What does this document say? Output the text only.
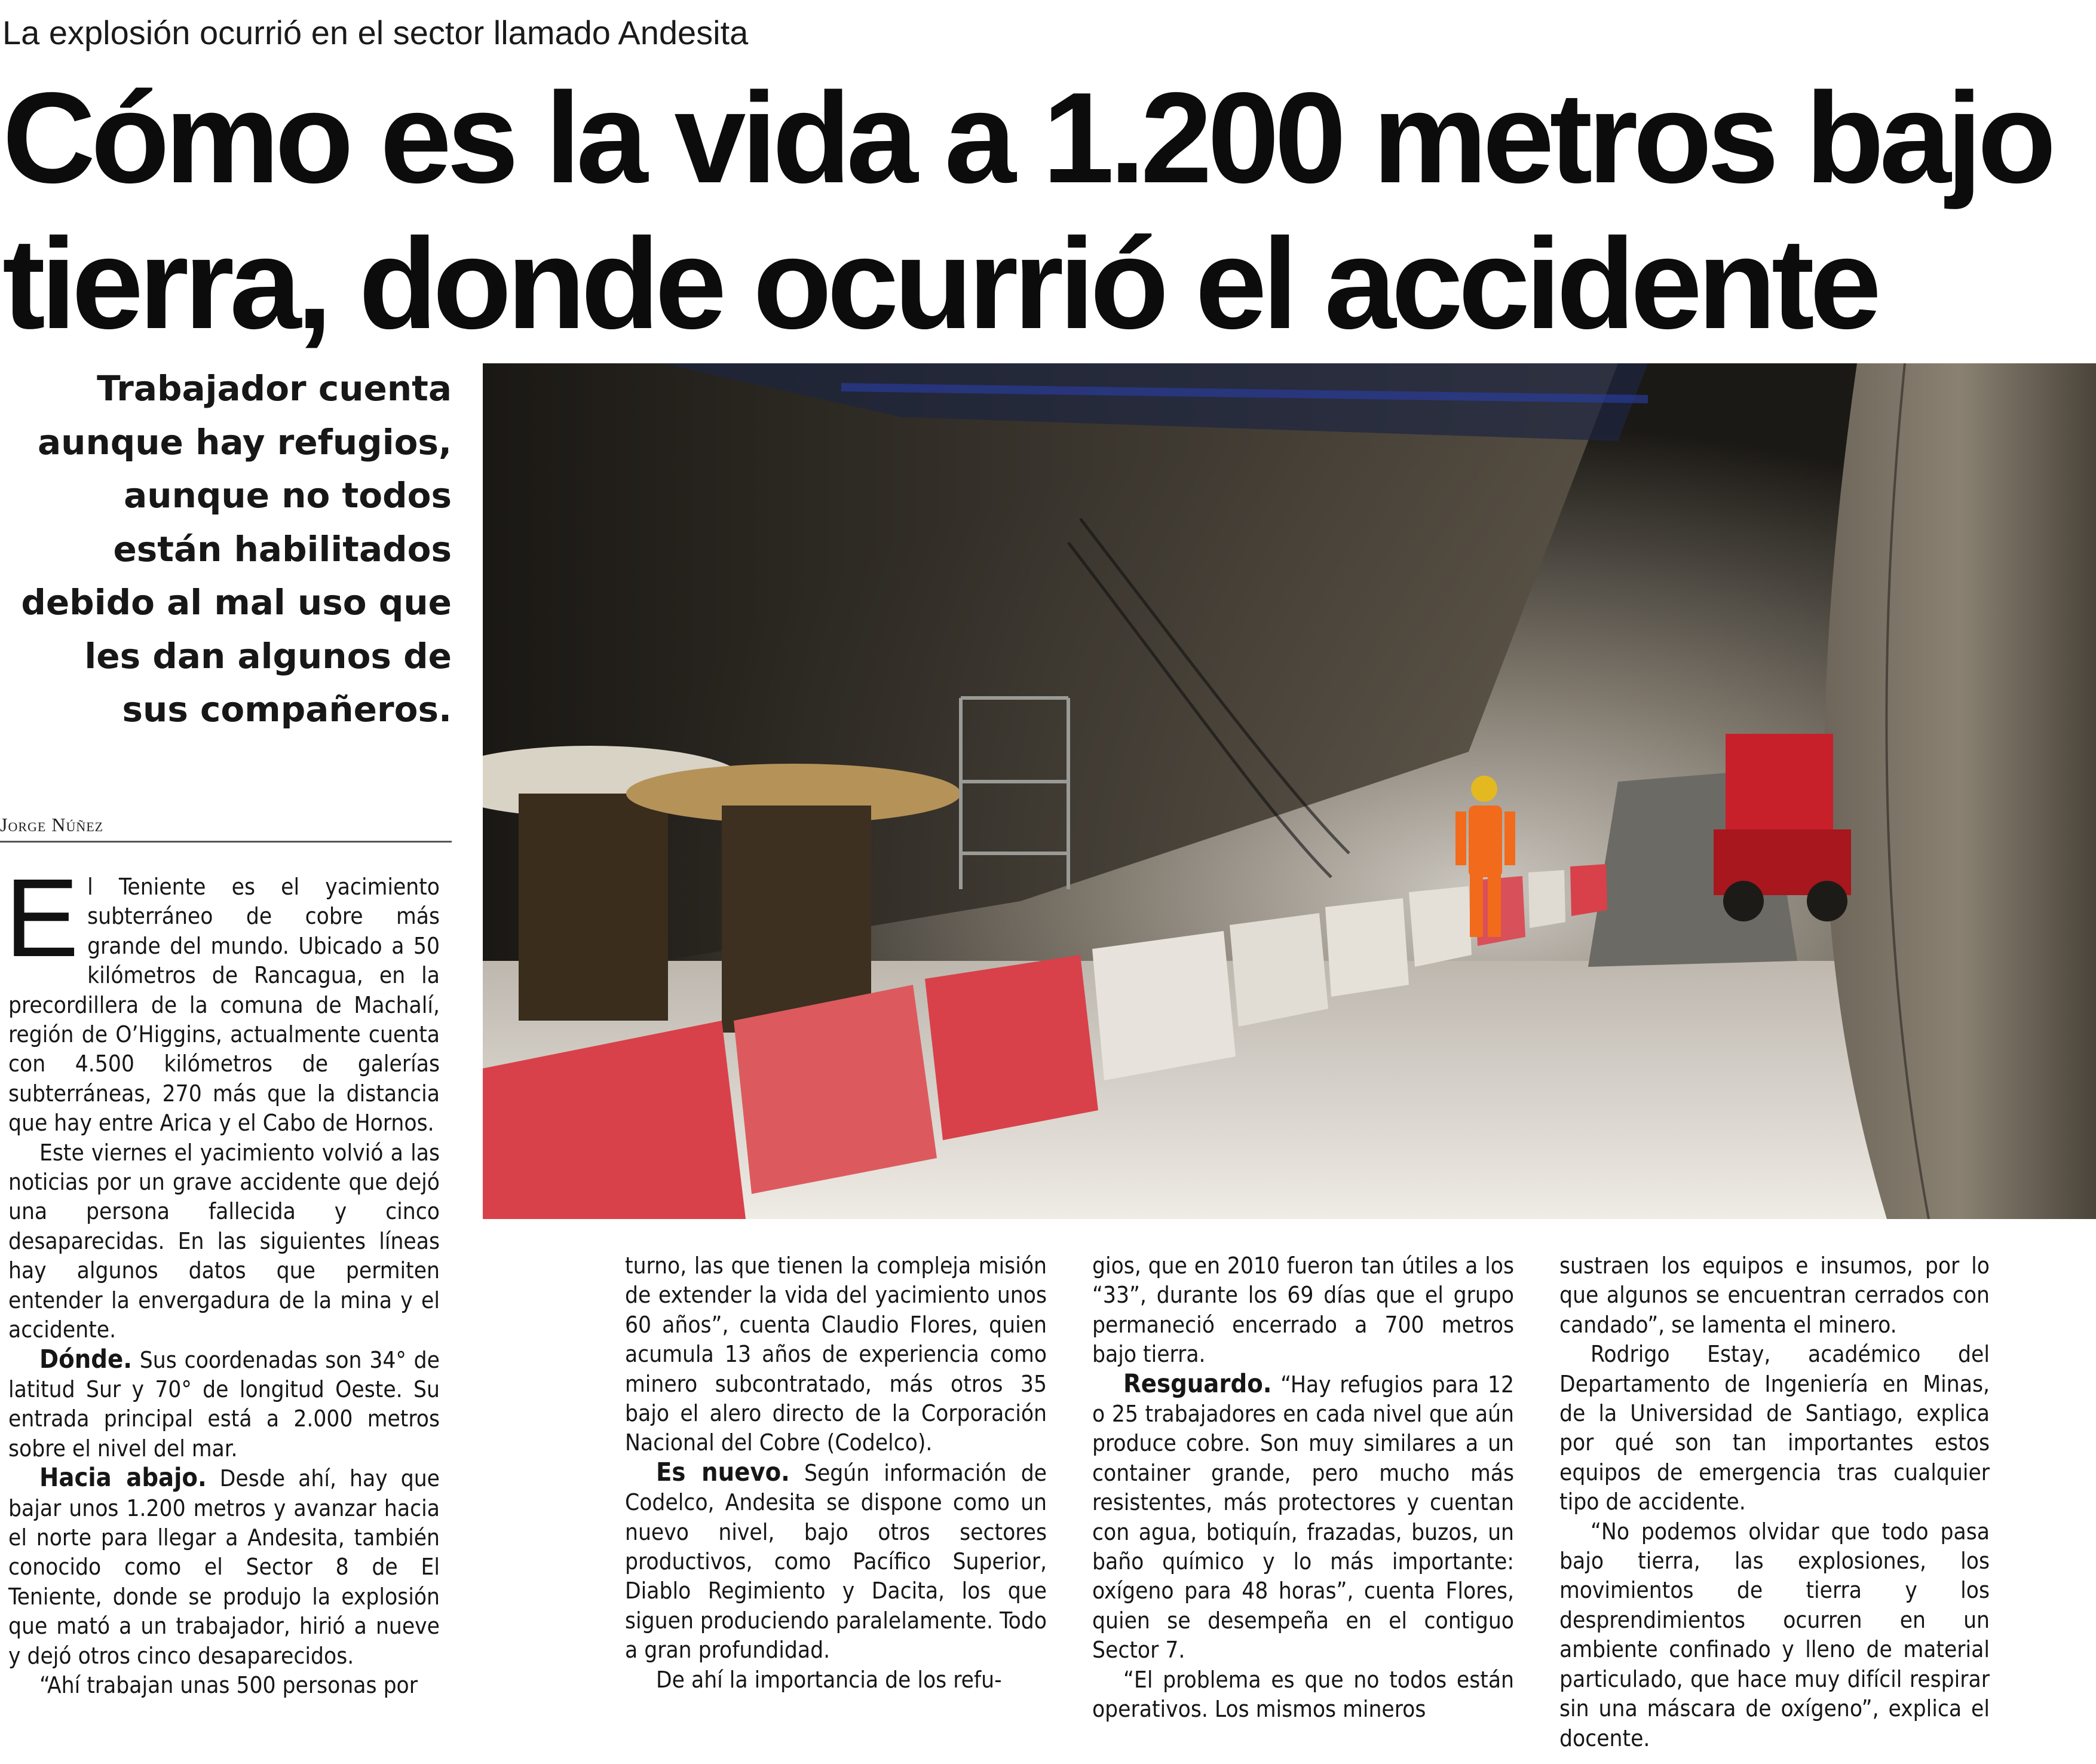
La explosión ocurrió en el sector llamado Andesita
Cómo es la vida a 1.200 metros bajo
tierra, donde ocurrió el accidente
Trabajador cuenta aunque hay refugios, aunque no todos están habilitados debido al mal uso que les dan algunos de sus compañeros.
Jorge Núñez

El Teniente es el yacimiento subterráneo de cobre más grande del mundo. Ubicado a 50 kilómetros de Rancagua, en la precordillera de la comuna de Machalí, región de O’Higgins, actualmente cuenta con 4.500 kilómetros de galerías subterráneas, 270 más que la distancia que hay entre Arica y el Cabo de Hornos.

Este viernes el yacimiento volvió a las noticias por un grave accidente que dejó una persona fallecida y cinco desaparecidas. En las siguientes líneas hay algunos datos que permiten entender la envergadura de la mina y el accidente.

Dónde. Sus coordenadas son 34° de latitud Sur y 70° de longitud Oeste. Su entrada principal está a 2.000 metros sobre el nivel del mar.

Hacia abajo. Desde ahí, hay que bajar unos 1.200 metros y avanzar hacia el norte para llegar a Andesita, también conocido como el Sector 8 de El Teniente, donde se produjo la explosión que mató a un trabajador, hirió a nueve y dejó otros cinco desaparecidos.

“Ahí trabajan unas 500 personas por

turno, las que tienen la compleja misión de extender la vida del yacimiento unos 60 años”, cuenta Claudio Flores, quien acumula 13 años de experiencia como minero subcontratado, más otros 35 bajo el alero directo de la Corporación Nacional del Cobre (Codelco).

Es nuevo. Según información de Codelco, Andesita se dispone como un nuevo nivel, bajo otros sectores productivos, como Pacífico Superior, Diablo Regimiento y Dacita, los que siguen produciendo paralelamente. Todo a gran profundidad.

De ahí la importancia de los refu-

gios, que en 2010 fueron tan útiles a los “33”, durante los 69 días que el grupo permaneció encerrado a 700 metros bajo tierra.

Resguardo. “Hay refugios para 12 o 25 trabajadores en cada nivel que aún produce cobre. Son muy similares a un container grande, pero mucho más resistentes, más protectores y cuentan con agua, botiquín, frazadas, buzos, un baño químico y lo más importante: oxígeno para 48 horas”, cuenta Flores, quien se desempeña en el contiguo Sector 7.

“El problema es que no todos están operativos. Los mismos mineros

sustraen los equipos e insumos, por lo que algunos se encuentran cerrados con candado”, se lamenta el minero.

Rodrigo Estay, académico del Departamento de Ingeniería en Minas, de la Universidad de Santiago, explica por qué son tan importantes estos equipos de emergencia tras cualquier tipo de accidente.

“No podemos olvidar que todo pasa bajo tierra, las explosiones, los movimientos de tierra y los desprendimientos ocurren en un ambiente confinado y lleno de material particulado, que hace muy difícil respirar sin una máscara de oxígeno”, explica el docente.
